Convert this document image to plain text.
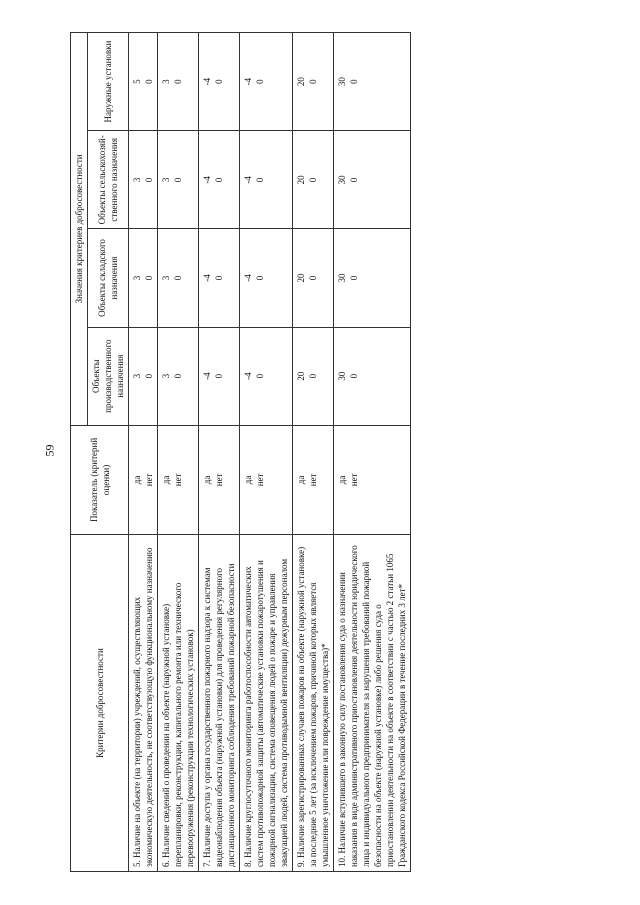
59
Критерии добросовестности	Показатель (критерий оценки)	Значения критериев добросовестности			
		Объекты производственного назначения	Объекты складского назначения	Объекты сельскохозяй-ственного назначения	Наружные установки
5. Наличие на объекте (на территории) учреждений, осуществляющих экономическую деятельность, не соответствующую функциональному назначению	да нет	3 0	3 0	3 0	5 0

6. Наличие сведений о проведении на объекте (наружной установке) перепланировки, реконструкции, капитального ремонта или технического перевооружения (реконструкции технологических установок)	да нет	3 0	3 0	3 0	3 0

7. Наличие доступа у органа государственного пожарного надзора к системам видеонаблюдения объекта (наружной установки) для проведения регулярного дистанционного мониторинга соблюдения требований пожарной безопасности	да нет	-4 0	-4 0	-4 0	-4 0

8. Наличие круглосуточного мониторинга работоспособности автоматических систем противопожарной защиты (автоматические установки пожаротушения и пожарной сигнализации, система оповещения людей о пожаре и управления эвакуацией людей, система противодымной вентиляции) дежурным персоналом	да нет	-4 0	-4 0	-4 0	-4 0

9. Наличие зарегистрированных случаев пожаров на объекте (наружной установке) за последние 5 лет (за исключением пожаров, причиной которых является умышленное уничтожение или повреждение имущества)*	да нет	20 0	20 0	20 0	20 0

10. Наличие вступившего в законную силу постановления суда о назначении наказания в виде административного приостановления деятельности юридического лица и индивидуального предпринимателя за нарушения требований пожарной безопасности на объекте (наружной установке) либо решения суда о приостановлении деятельности на объекте в соответствии с частью 2 статьи 1065 Гражданского кодекса Российской Федерации в течение последних 3 лет*	да нет	30 0	30 0	30 0	30 0
